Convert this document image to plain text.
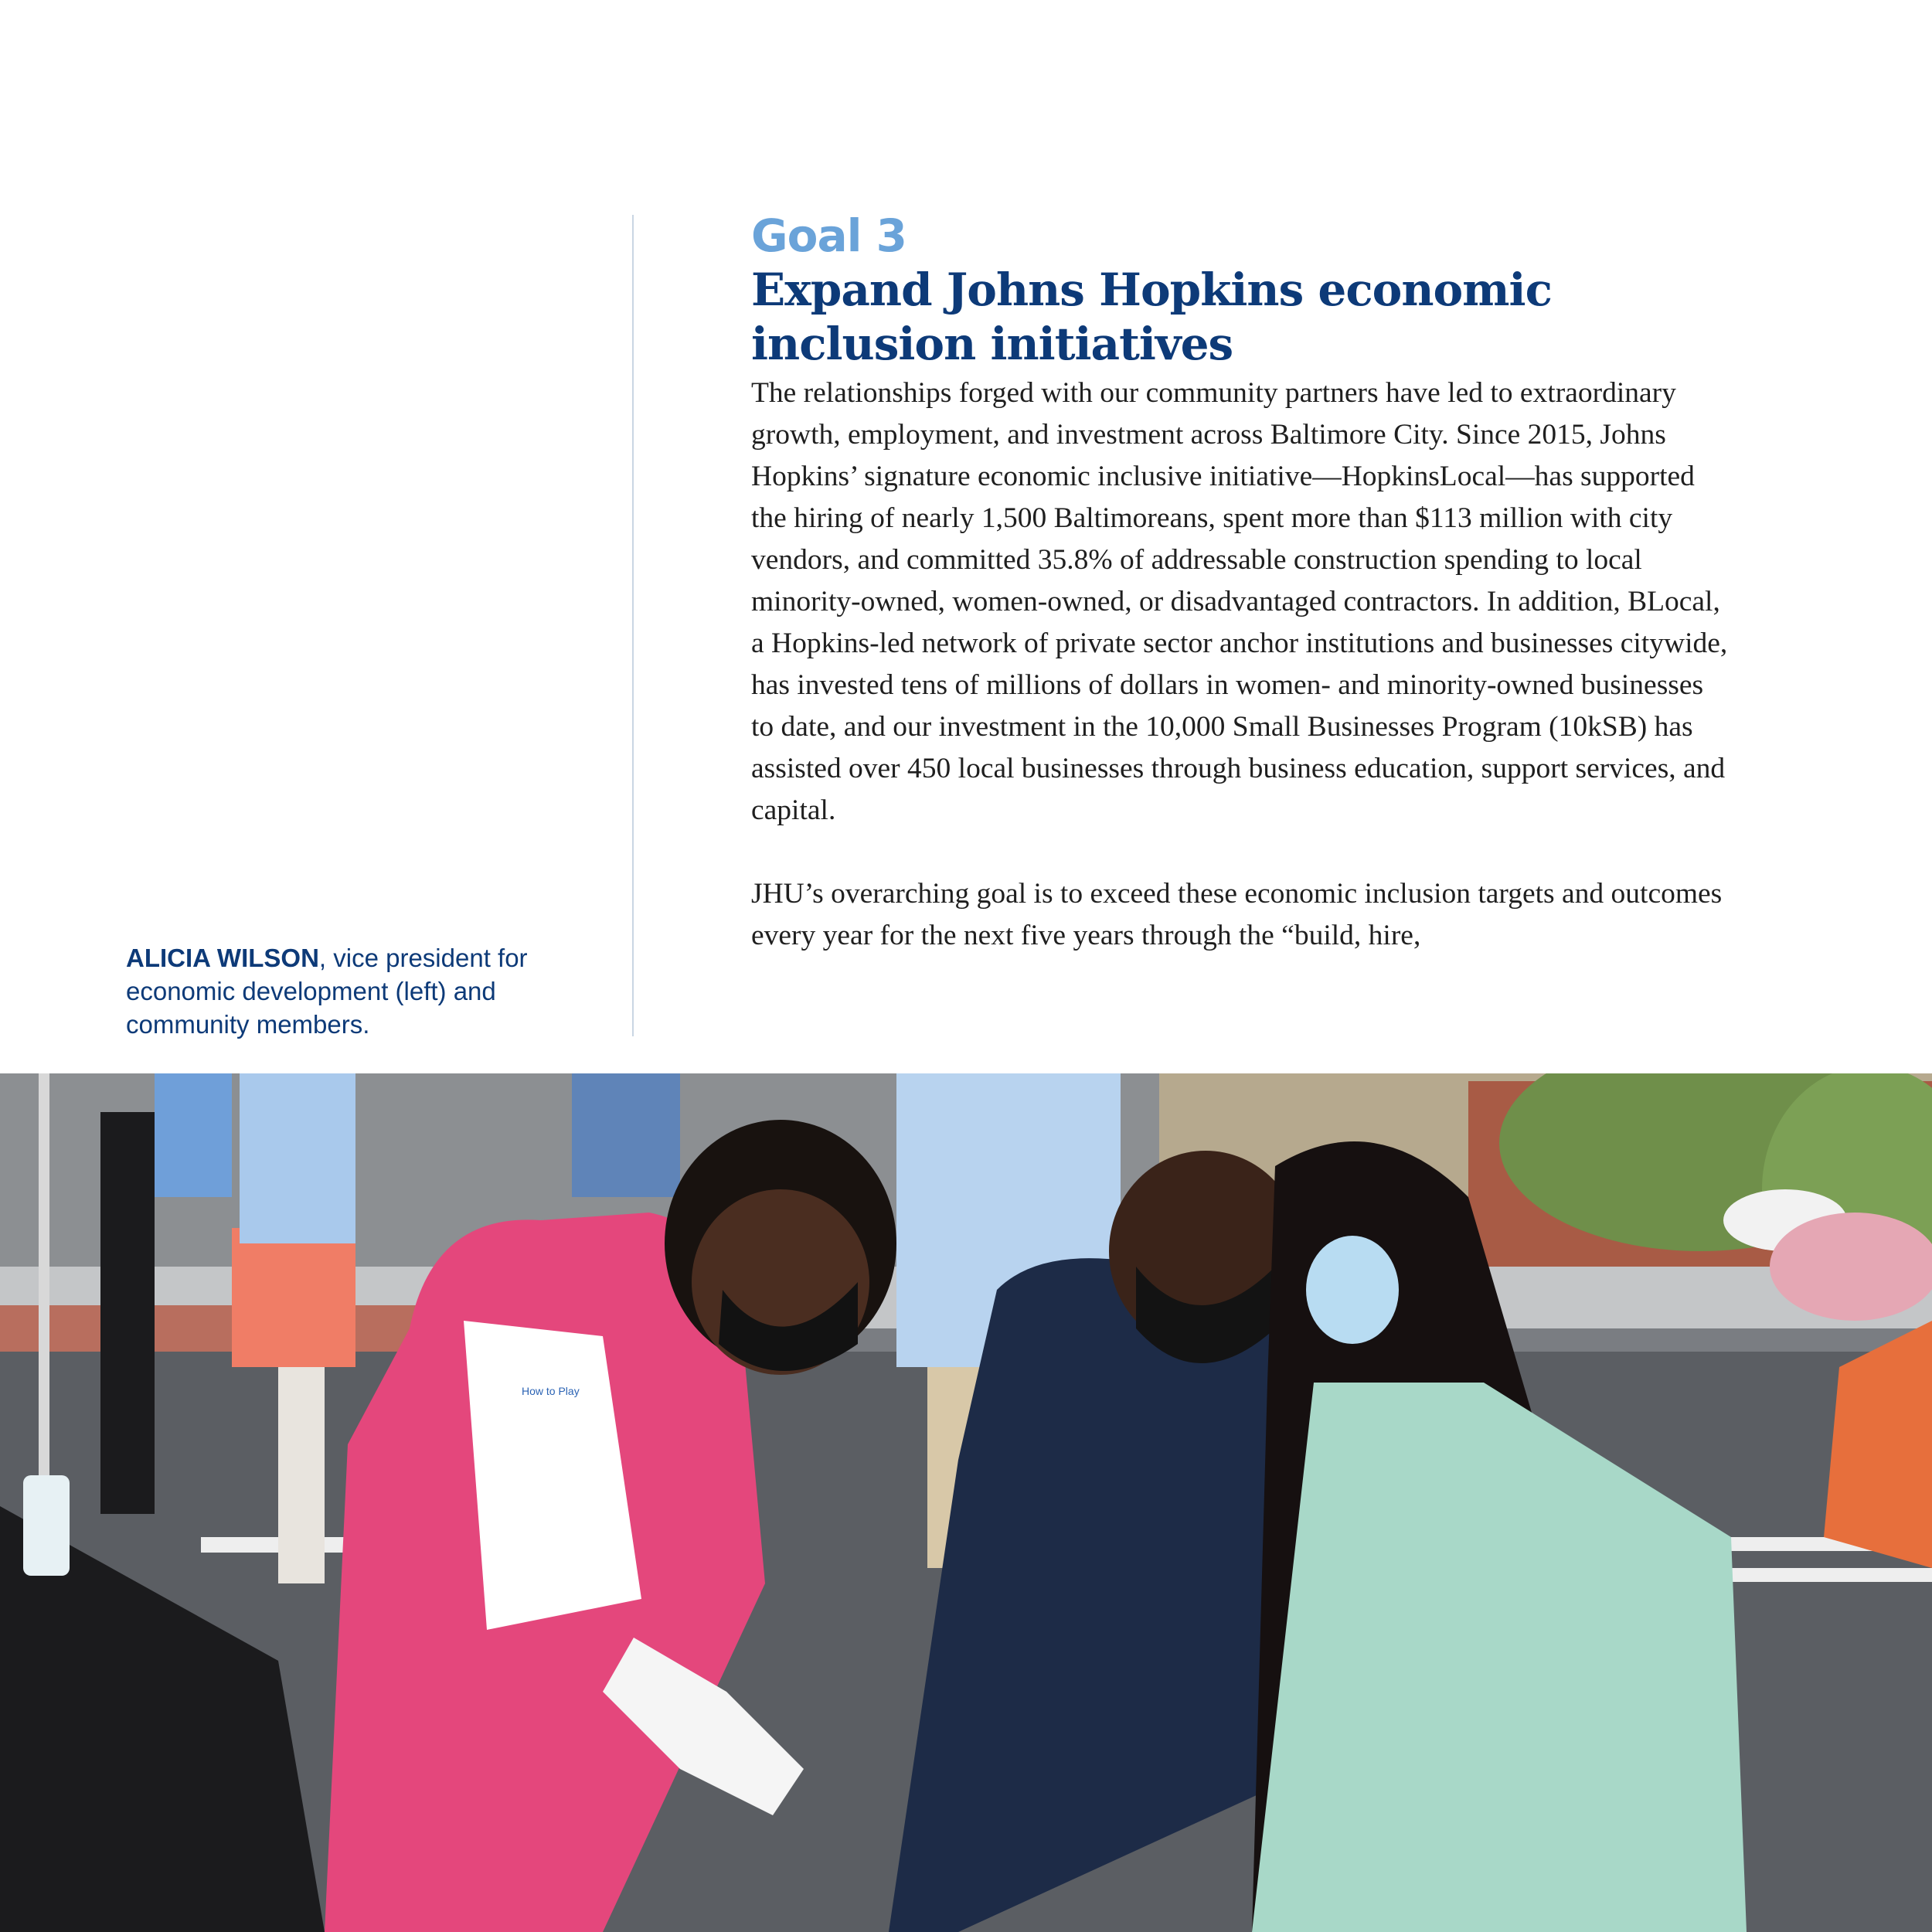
ALICIA WILSON, vice president for economic development (left) and community members.
Goal 3
Expand Johns Hopkins economic
inclusion initiatives

The relationships forged with our community partners have led to extraordinary growth, employment, and investment across Baltimore City. Since 2015, Johns Hopkins’ signature economic inclusive initiative—HopkinsLocal—has supported the hiring of nearly 1,500 Baltimoreans, spent more than $113 million with city vendors, and committed 35.8% of addressable construction spending to local minority-owned, women-owned, or disadvantaged contractors. In addition, BLocal, a Hopkins-led network of private sector anchor institutions and businesses citywide, has invested tens of millions of dollars in women- and minority-owned businesses to date, and our investment in the 10,000 Small Businesses Program (10kSB) has assisted over 450 local businesses through business education, support services, and capital.

JHU’s overarching goal is to exceed these economic inclusion targets and outcomes every year for the next five years through the “build, hire,

How to Play
